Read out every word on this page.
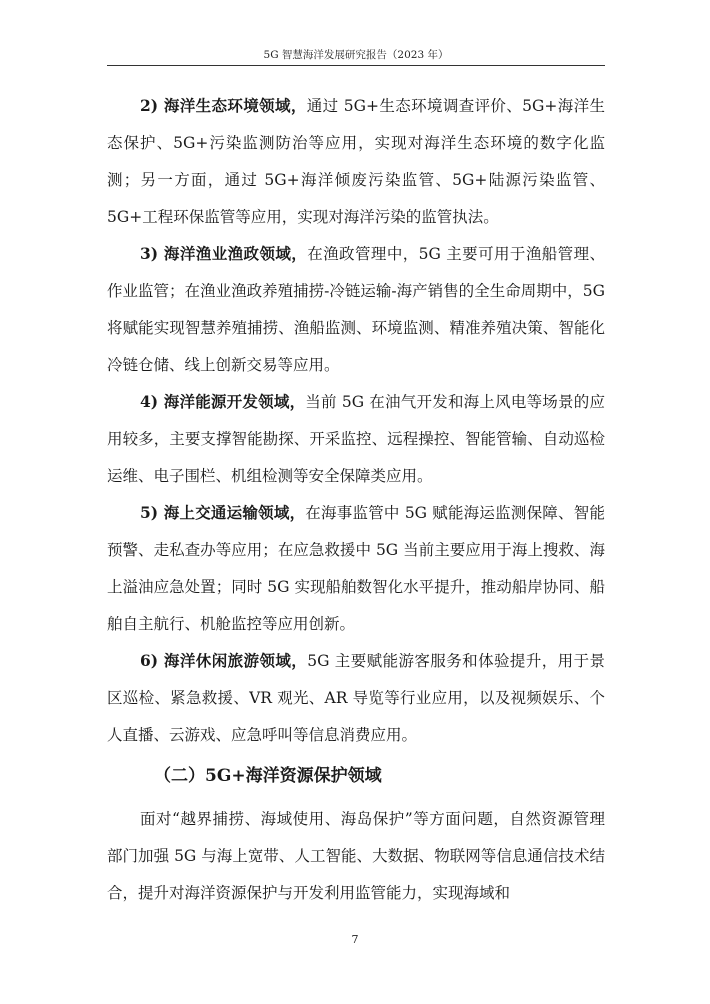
5G 智慧海洋发展研究报告（2023 年）

2) 海洋生态环境领域，通过 5G+生态环境调查评价、5G+海洋生态保护、5G+污染监测防治等应用，实现对海洋生态环境的数字化监测；另一方面，通过 5G+海洋倾废污染监管、5G+陆源污染监管、5G+工程环保监管等应用，实现对海洋污染的监管执法。

3) 海洋渔业渔政领域，在渔政管理中，5G 主要可用于渔船管理、作业监管；在渔业渔政养殖捕捞-冷链运输-海产销售的全生命周期中，5G 将赋能实现智慧养殖捕捞、渔船监测、环境监测、精准养殖决策、智能化冷链仓储、线上创新交易等应用。

4) 海洋能源开发领域，当前 5G 在油气开发和海上风电等场景的应用较多，主要支撑智能勘探、开采监控、远程操控、智能管输、自动巡检运维、电子围栏、机组检测等安全保障类应用。

5) 海上交通运输领域，在海事监管中 5G 赋能海运监测保障、智能预警、走私查办等应用；在应急救援中 5G 当前主要应用于海上搜救、海上溢油应急处置；同时 5G 实现船舶数智化水平提升，推动船岸协同、船舶自主航行、机舱监控等应用创新。

6) 海洋休闲旅游领域，5G 主要赋能游客服务和体验提升，用于景区巡检、紧急救援、VR 观光、AR 导览等行业应用，以及视频娱乐、个人直播、云游戏、应急呼叫等信息消费应用。

（二）5G+海洋资源保护领域

面对“越界捕捞、海域使用、海岛保护”等方面问题，自然资源管理部门加强 5G 与海上宽带、人工智能、大数据、物联网等信息通信技术结合，提升对海洋资源保护与开发利用监管能力，实现海域和

7
